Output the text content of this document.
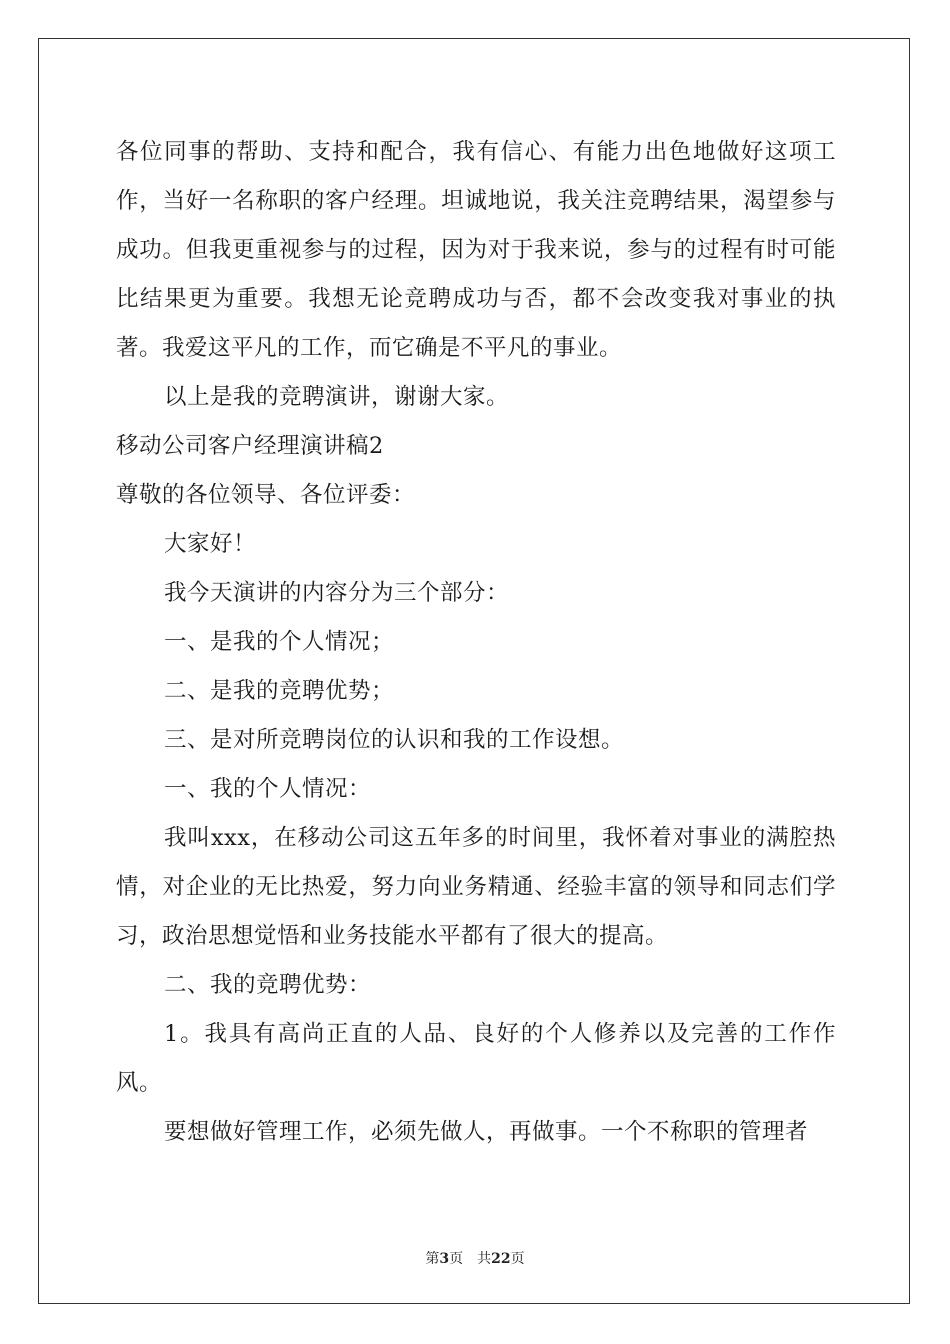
各位同事的帮助、支持和配合，我有信心、有能力出色地做好这项工作，当好一名称职的客户经理。坦诚地说，我关注竞聘结果，渴望参与成功。但我更重视参与的过程，因为对于我来说，参与的过程有时可能比结果更为重要。我想无论竞聘成功与否，都不会改变我对事业的执著。我爱这平凡的工作，而它确是不平凡的事业。

以上是我的竞聘演讲，谢谢大家。

移动公司客户经理演讲稿2

尊敬的各位领导、各位评委：

大家好！

我今天演讲的内容分为三个部分：

一、是我的个人情况；

二、是我的竞聘优势；

三、是对所竞聘岗位的认识和我的工作设想。

一、我的个人情况：

我叫xxx，在移动公司这五年多的时间里，我怀着对事业的满腔热情，对企业的无比热爱，努力向业务精通、经验丰富的领导和同志们学习，政治思想觉悟和业务技能水平都有了很大的提高。

二、我的竞聘优势：

1。我具有高尚正直的人品、良好的个人修养以及完善的工作作风。

要想做好管理工作，必须先做人，再做事。一个不称职的管理者

第3页 共22页
